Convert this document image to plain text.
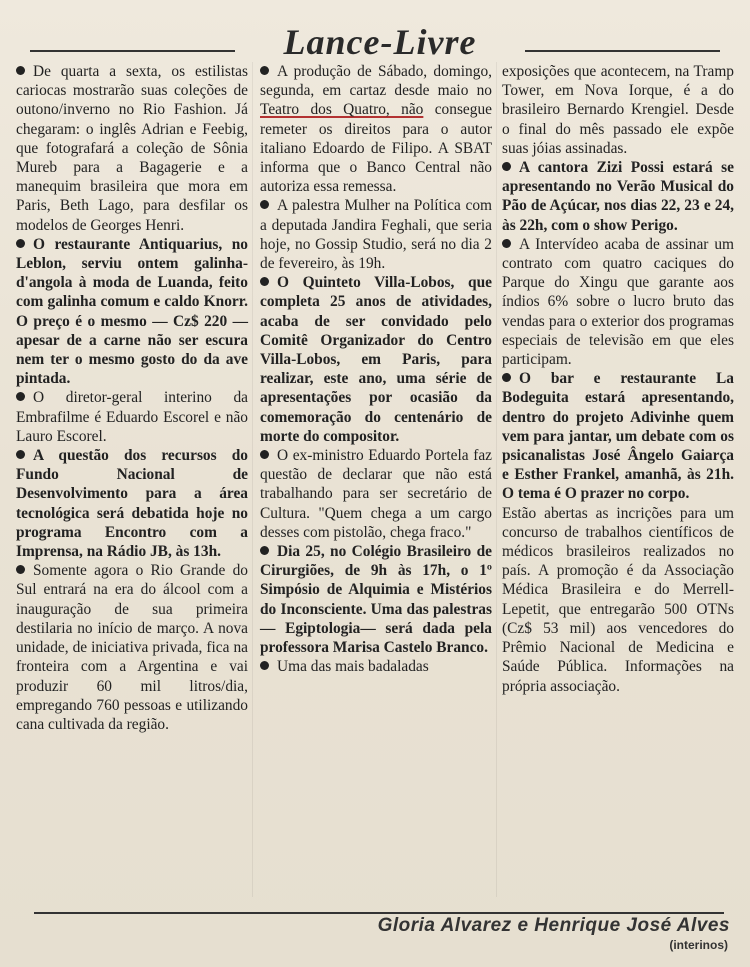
Lance-Livre

De quarta a sexta, os estilistas cariocas mostrarão suas coleções de outono/inverno no Rio Fashion. Já chegaram: o inglês Adrian e Feebig, que fotografará a coleção de Sônia Mureb para a Bagagerie e a manequim brasileira que mora em Paris, Beth Lago, para desfilar os modelos de Georges Henri.

O restaurante Antiquarius, no Leblon, serviu ontem galinha-d'angola à moda de Luanda, feito com galinha comum e caldo Knorr. O preço é o mesmo — Cz$ 220 — apesar de a carne não ser escura nem ter o mesmo gosto do da ave pintada.

O diretor-geral interino da Embrafilme é Eduardo Escorel e não Lauro Escorel.

A questão dos recursos do Fundo Nacional de Desenvolvimento para a área tecnológica será debatida hoje no programa Encontro com a Imprensa, na Rádio JB, às 13h.

Somente agora o Rio Grande do Sul entrará na era do álcool com a inauguração de sua primeira destilaria no início de março. A nova unidade, de iniciativa privada, fica na fronteira com a Argentina e vai produzir 60 mil litros/dia, empregando 760 pessoas e utilizando cana cultivada da região.

A produção de Sábado, domingo, segunda, em cartaz desde maio no Teatro dos Quatro, não consegue remeter os direitos para o autor italiano Edoardo de Filipo. A SBAT informa que o Banco Central não autoriza essa remessa.

A palestra Mulher na Política com a deputada Jandira Feghali, que seria hoje, no Gossip Studio, será no dia 2 de fevereiro, às 19h.

O Quinteto Villa-Lobos, que completa 25 anos de atividades, acaba de ser convidado pelo Comitê Organizador do Centro Villa-Lobos, em Paris, para realizar, este ano, uma série de apresentações por ocasião da comemoração do centenário de morte do compositor.

O ex-ministro Eduardo Portela faz questão de declarar que não está trabalhando para ser secretário de Cultura. "Quem chega a um cargo desses com pistolão, chega fraco."

Dia 25, no Colégio Brasileiro de Cirurgiões, de 9h às 17h, o 1º Simpósio de Alquimia e Mistérios do Inconsciente. Uma das palestras — Egiptologia— será dada pela professora Marisa Castelo Branco.

Uma das mais badaladas

exposições que acontecem, na Tramp Tower, em Nova Iorque, é a do brasileiro Bernardo Krengiel. Desde o final do mês passado ele expõe suas jóias assinadas.

A cantora Zizi Possi estará se apresentando no Verão Musical do Pão de Açúcar, nos dias 22, 23 e 24, às 22h, com o show Perigo.

A Intervídeo acaba de assinar um contrato com quatro caciques do Parque do Xingu que garante aos índios 6% sobre o lucro bruto das vendas para o exterior dos programas especiais de televisão em que eles participam.

O bar e restaurante La Bodeguita estará apresentando, dentro do projeto Adivinhe quem vem para jantar, um debate com os psicanalistas José Ângelo Gaiarça e Esther Frankel, amanhã, às 21h. O tema é O prazer no corpo.

Estão abertas as incrições para um concurso de trabalhos científicos de médicos brasileiros realizados no país. A promoção é da Associação Médica Brasileira e do Merrell-Lepetit, que entregarão 500 OTNs (Cz$ 53 mil) aos vencedores do Prêmio Nacional de Medicina e Saúde Pública. Informações na própria associação.

Gloria Alvarez e Henrique José Alves
(interinos)
